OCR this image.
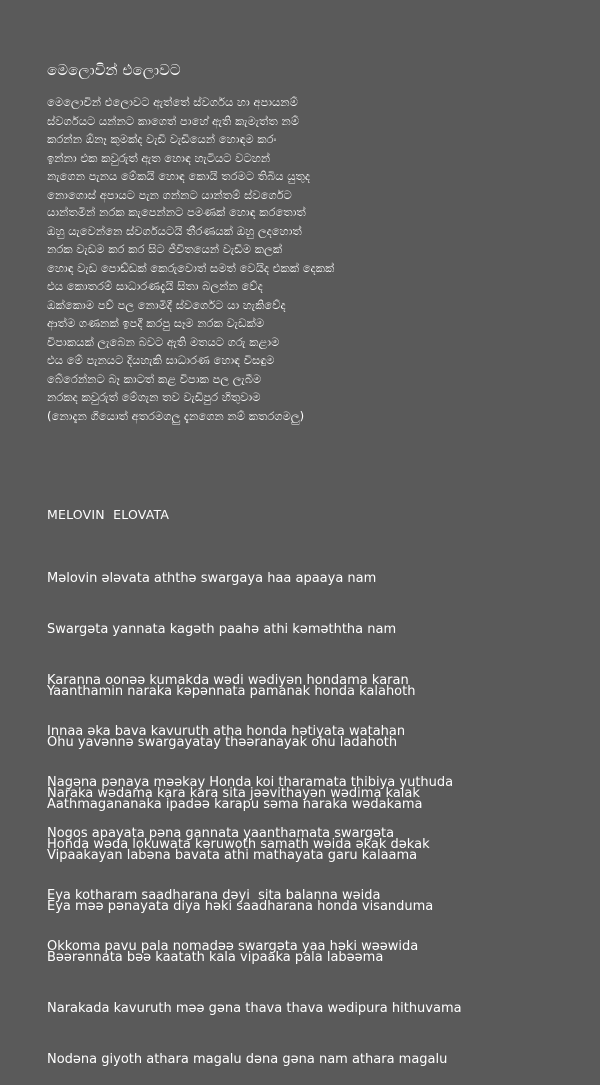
මෙලොවින් එලොවට
මෙලොවින් එලොවට ඇත්තේ ස්වර්ගය හා අපායනම්
ස්වර්ගයට යන්නට කාගෙත් පාහේ ඇති කැමැත්ත නම්
කරන්න ඕනෑ කුමක්ද වැඩි වැඩියෙන් හොඳම කරං
ඉන්නා එක කවුරුත් ඇත හොඳ හැටියට වටහන්
නැගෙන පැනය මේකයි හොඳ කොයි තරමට තිබිය යුතුද
නොගොස් අපායට පැන ගන්නට යාන්තම් ස්වර්ගෙට
යාන්තමින් නරක කැපෙන්නට පමණක් හොඳ කරතොත්
ඔහු යැවෙන්නෙ ස්වර්ගයටයි තීරණයක් ඔහු ලදහොත්
නරක වැඩම කර කර සිට ජීවිතයෙන් වැඩිම කලක්
හොඳ වැඩ පොඩ්ඩක් කෙරුවොත් සමත් වෙයිද එකක් දෙකක්
එය කොතරම් සාධාරණදැයි සිතා බලන්න වේද
ඔක්කොම පව් පල නොමිදී ස්වර්ගෙට යා හැකිවේද
ආත්ම ගණනක් ඉපදී කරපු සෑම නරක වැඩක්ම
විපාකයක් ලැබෙන බවට ඇති මතයට ගරු කළාම
එය මේ පැනයට දියහැකි සාධාරණ හොඳ විසඳුම
බේරෙන්නට බෑ කාටත් කළ විපාක පල ලැබීම
නරකද කවුරුත් මේගැන තව වැඩිපුර හිතුවාම
(නොදැන ගියොත් අතරමගලු දැනගෙන නම් කතරගමලු)
MELOVIN  ELOVATA

Məlovin ələvata aththə swargaya haa apaaya nam

Swargəta yannata kagəth paahə athi kəməththa nam

Karanna oonəə kumakda wədi wədiyən hondama karan

Innaa əka bava kavuruth atha honda hətiyata watahan

Nagəna pənaya məəkay Honda koi tharamata thibiya yuthuda

Nogos apayata pəna gannata yaanthamata swargəta

Yaanthamin naraka kəpənnata pamanak honda kalahoth

Ohu yavənnə swargayatay thəəranayak ohu ladahoth

Naraka wədama kara kara sita jəəvithayən wədima kalak

Honda wəda lokuwata kəruwoth samath wəida əkak dəkak

Eya kotharam saadharana dəyi  sita balanna wəida

Okkoma pavu pala nomadəə swargəta yaa həki wəəwida

Aathmagananaka ipadəə karapu səma naraka wədakama

Vipaakayan labəna bavata athi mathayata garu kalaama

Eya məə pənayata diya həki saadharana honda visanduma

Bəərənnata bəə kaatath kala vipaaka pala labəəma

Narakada kavuruth məə gəna thava thava wədipura hithuvama

Nodəna giyoth athara magalu dəna gəna nam athara magalu
